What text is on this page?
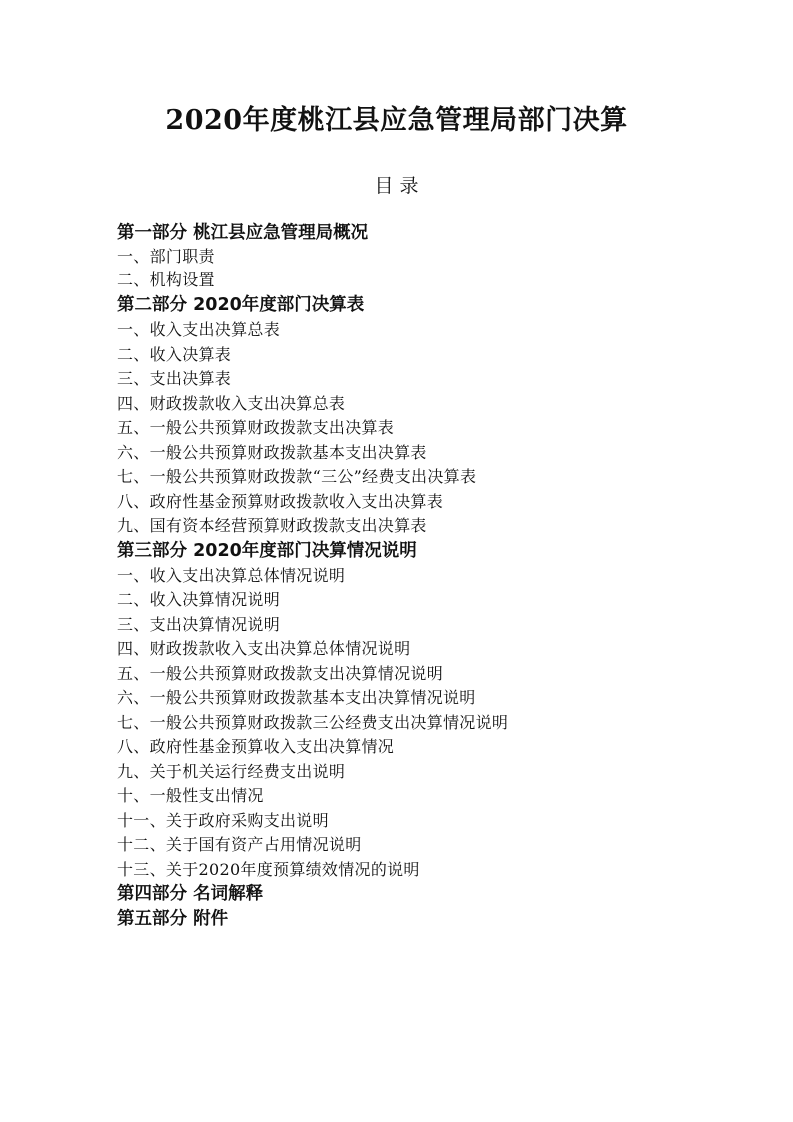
2020年度桃江县应急管理局部门决算
目 录
第一部分 桃江县应急管理局概况
一、部门职责
二、机构设置
第二部分 2020年度部门决算表
一、收入支出决算总表
二、收入决算表
三、支出决算表
四、财政拨款收入支出决算总表
五、一般公共预算财政拨款支出决算表
六、一般公共预算财政拨款基本支出决算表
七、一般公共预算财政拨款“三公”经费支出决算表
八、政府性基金预算财政拨款收入支出决算表
九、国有资本经营预算财政拨款支出决算表
第三部分 2020年度部门决算情况说明
一、收入支出决算总体情况说明
二、收入决算情况说明
三、支出决算情况说明
四、财政拨款收入支出决算总体情况说明
五、一般公共预算财政拨款支出决算情况说明
六、一般公共预算财政拨款基本支出决算情况说明
七、一般公共预算财政拨款三公经费支出决算情况说明
八、政府性基金预算收入支出决算情况
九、关于机关运行经费支出说明
十、一般性支出情况
十一、关于政府采购支出说明
十二、关于国有资产占用情况说明
十三、关于2020年度预算绩效情况的说明
第四部分 名词解释
第五部分 附件
